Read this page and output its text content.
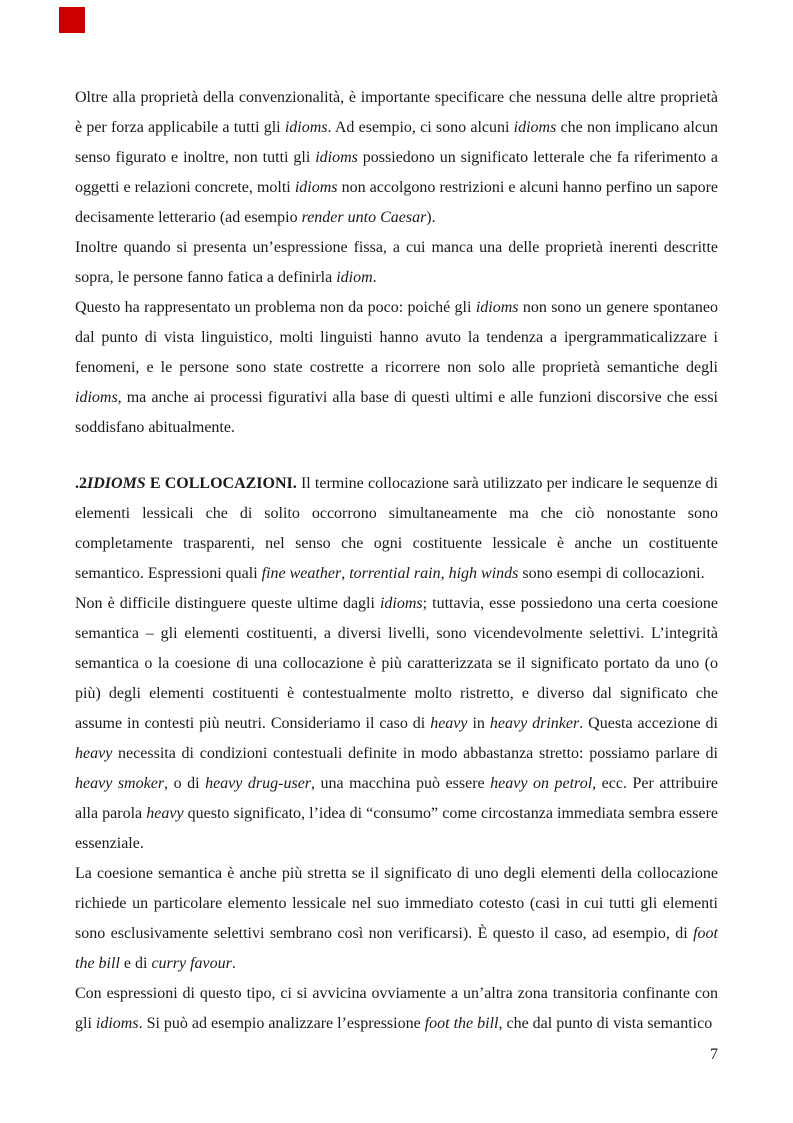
Oltre alla proprietà della convenzionalità, è importante specificare che nessuna delle altre proprietà è per forza applicabile a tutti gli idioms. Ad esempio, ci sono alcuni idioms che non implicano alcun senso figurato e inoltre, non tutti gli idioms possiedono un significato letterale che fa riferimento a oggetti e relazioni concrete, molti idioms non accolgono restrizioni e alcuni hanno perfino un sapore decisamente letterario (ad esempio render unto Caesar).

Inoltre quando si presenta un’espressione fissa, a cui manca una delle proprietà inerenti descritte sopra, le persone fanno fatica a definirla idiom.

Questo ha rappresentato un problema non da poco: poiché gli idioms non sono un genere spontaneo dal punto di vista linguistico, molti linguisti hanno avuto la tendenza a ipergrammaticalizzare i fenomeni, e le persone sono state costrette a ricorrere non solo alle proprietà semantiche degli idioms, ma anche ai processi figurativi alla base di questi ultimi e alle funzioni discorsive che essi soddisfano abitualmente.

.2IDIOMS E COLLOCAZIONI. Il termine collocazione sarà utilizzato per indicare le sequenze di elementi lessicali che di solito occorrono simultaneamente ma che ciò nonostante sono completamente trasparenti, nel senso che ogni costituente lessicale è anche un costituente semantico. Espressioni quali fine weather, torrential rain, high winds sono esempi di collocazioni.

Non è difficile distinguere queste ultime dagli idioms; tuttavia, esse possiedono una certa coesione semantica – gli elementi costituenti, a diversi livelli, sono vicendevolmente selettivi. L’integrità semantica o la coesione di una collocazione è più caratterizzata se il significato portato da uno (o più) degli elementi costituenti è contestualmente molto ristretto, e diverso dal significato che assume in contesti più neutri. Consideriamo il caso di heavy in heavy drinker. Questa accezione di heavy necessita di condizioni contestuali definite in modo abbastanza stretto: possiamo parlare di heavy smoker, o di heavy drug-user, una macchina può essere heavy on petrol, ecc. Per attribuire alla parola heavy questo significato, l’idea di “consumo” come circostanza immediata sembra essere essenziale.

La coesione semantica è anche più stretta se il significato di uno degli elementi della collocazione richiede un particolare elemento lessicale nel suo immediato cotesto (casi in cui tutti gli elementi sono esclusivamente selettivi sembrano così non verificarsi). È questo il caso, ad esempio, di foot the bill e di curry favour.

Con espressioni di questo tipo, ci si avvicina ovviamente a un’altra zona transitoria confinante con gli idioms. Si può ad esempio analizzare l’espressione foot the bill, che dal punto di vista semantico

7
